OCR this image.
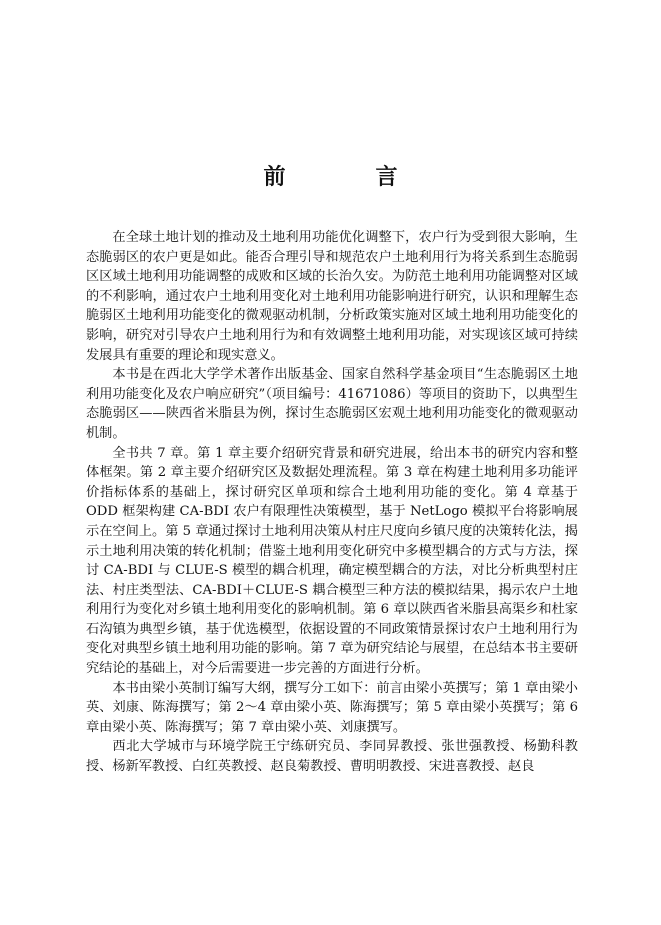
前　言

在全球土地计划的推动及土地利用功能优化调整下，农户行为受到很大影响，生态脆弱区的农户更是如此。能否合理引导和规范农户土地利用行为将关系到生态脆弱区区域土地利用功能调整的成败和区域的长治久安。为防范土地利用功能调整对区域的不利影响，通过农户土地利用变化对土地利用功能影响进行研究，认识和理解生态脆弱区土地利用功能变化的微观驱动机制，分析政策实施对区域土地利用功能变化的影响，研究对引导农户土地利用行为和有效调整土地利用功能，对实现该区域可持续发展具有重要的理论和现实意义。

本书是在西北大学学术著作出版基金、国家自然科学基金项目“生态脆弱区土地利用功能变化及农户响应研究”（项目编号：41671086）等项目的资助下，以典型生态脆弱区——陕西省米脂县为例，探讨生态脆弱区宏观土地利用功能变化的微观驱动机制。

全书共 7 章。第 1 章主要介绍研究背景和研究进展，给出本书的研究内容和整体框架。第 2 章主要介绍研究区及数据处理流程。第 3 章在构建土地利用多功能评价指标体系的基础上，探讨研究区单项和综合土地利用功能的变化。第 4 章基于 ODD 框架构建 CA-BDI 农户有限理性决策模型，基于 NetLogo 模拟平台将影响展示在空间上。第 5 章通过探讨土地利用决策从村庄尺度向乡镇尺度的决策转化法，揭示土地利用决策的转化机制；借鉴土地利用变化研究中多模型耦合的方式与方法，探讨 CA-BDI 与 CLUE-S 模型的耦合机理，确定模型耦合的方法，对比分析典型村庄法、村庄类型法、CA-BDI＋CLUE-S 耦合模型三种方法的模拟结果，揭示农户土地利用行为变化对乡镇土地利用变化的影响机制。第 6 章以陕西省米脂县高渠乡和杜家石沟镇为典型乡镇，基于优选模型，依据设置的不同政策情景探讨农户土地利用行为变化对典型乡镇土地利用功能的影响。第 7 章为研究结论与展望，在总结本书主要研究结论的基础上，对今后需要进一步完善的方面进行分析。

本书由梁小英制订编写大纲，撰写分工如下：前言由梁小英撰写；第 1 章由梁小英、刘康、陈海撰写；第 2～4 章由梁小英、陈海撰写；第 5 章由梁小英撰写；第 6 章由梁小英、陈海撰写；第 7 章由梁小英、刘康撰写。

西北大学城市与环境学院王宁练研究员、李同昇教授、张世强教授、杨勤科教授、杨新军教授、白红英教授、赵良菊教授、曹明明教授、宋进喜教授、赵良
